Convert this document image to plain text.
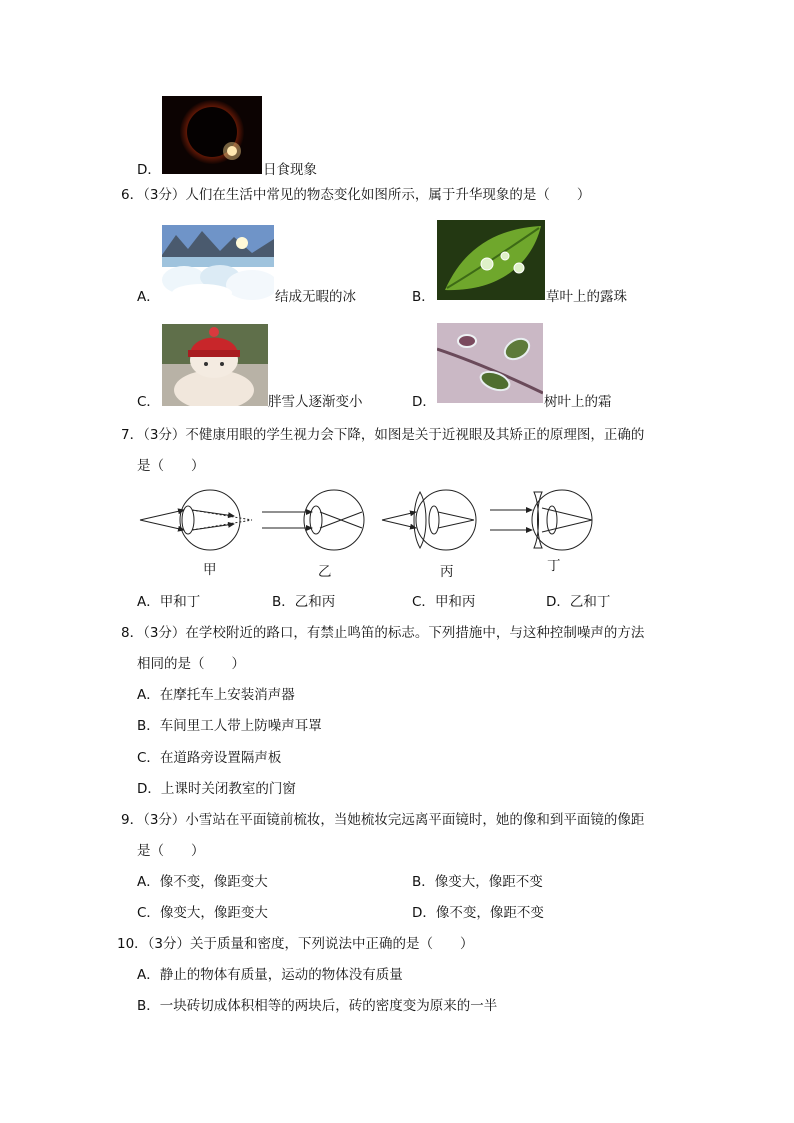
D．	日食现象
6．（3分）人们在生活中常见的物态变化如图所示，属于升华现象的是（　　）
A．	结成无暇的冰	B．	草叶上的露珠
C．	胖雪人逐渐变小	D．	树叶上的霜
7．（3分）不健康用眼的学生视力会下降，如图是关于近视眼及其矫正的原理图，正确的
是（　　）
甲	乙	丙	丁
A．甲和丁	B．乙和丙	C．甲和丙	D．乙和丁
8．（3分）在学校附近的路口，有禁止鸣笛的标志。下列措施中，与这种控制噪声的方法
相同的是（　　）
A．在摩托车上安装消声器
B．车间里工人带上防噪声耳罩
C．在道路旁设置隔声板
D．上课时关闭教室的门窗
9．（3分）小雪站在平面镜前梳妆，当她梳妆完远离平面镜时，她的像和到平面镜的像距
是（　　）
A．像不变，像距变大	B．像变大，像距不变
C．像变大，像距变大	D．像不变，像距不变
10．（3分）关于质量和密度，下列说法中正确的是（　　）
A．静止的物体有质量，运动的物体没有质量
B．一块砖切成体积相等的两块后，砖的密度变为原来的一半
